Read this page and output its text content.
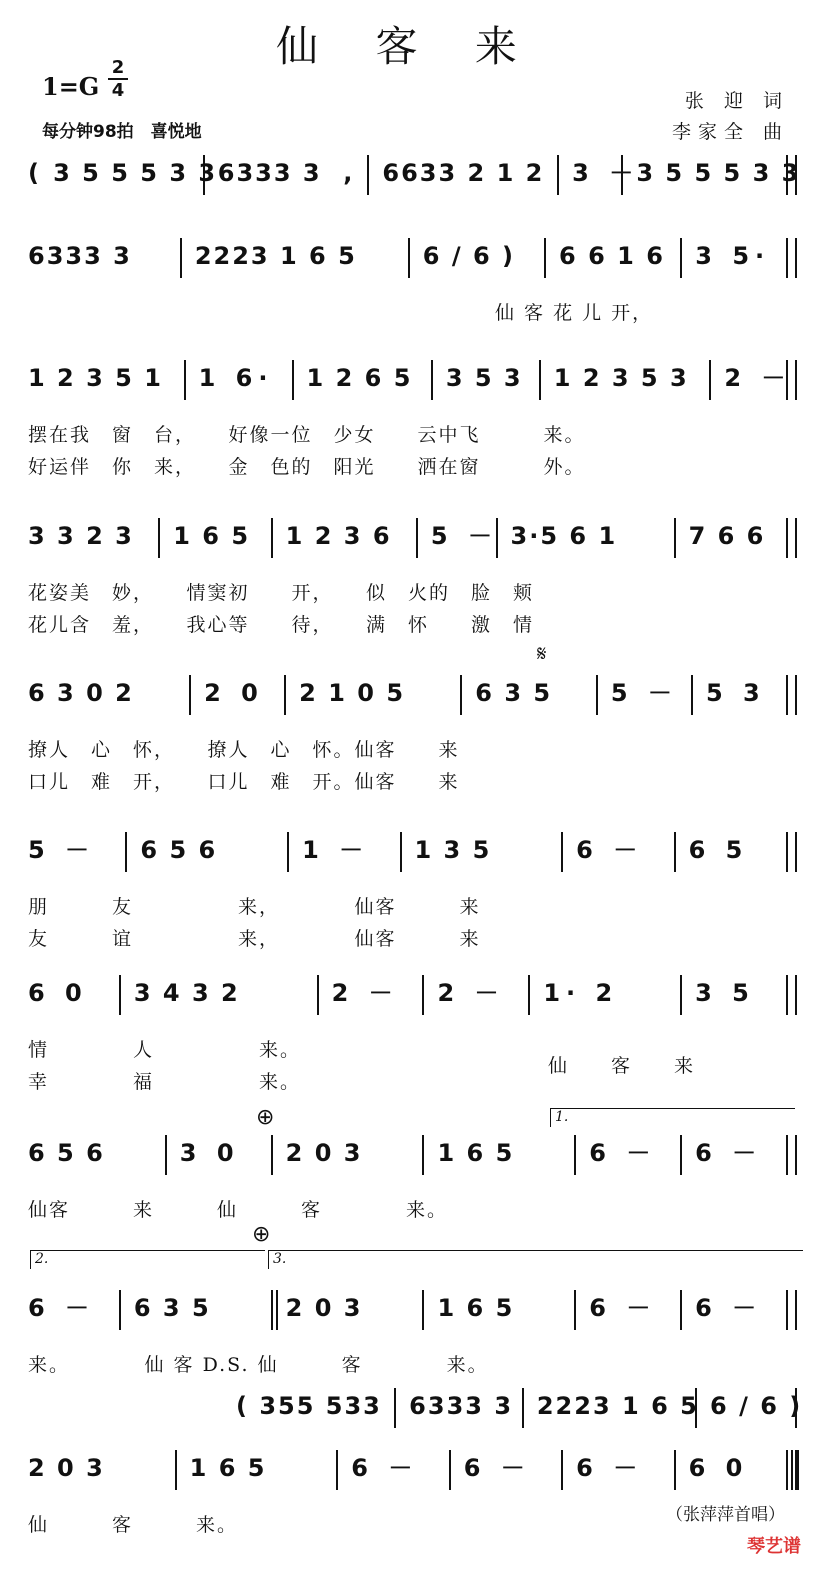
仙 客 来
1=G
2
4
每分钟98拍　喜悦地
张 迎 词
李家全 曲
( 3 5 5 5 3 3 6333 3 , 6633 2 1 2 3 －
3 5 5 5 3 3
6333 3	2223 1 6 5	6 / 6 )	6 6 1 6	3 5·
仙 客 花 儿 开，
1 2 3 5 1	1 6·	1 2 6 5	3 5 3	1 2 3 5 3	2 －
摆在我　窗　台，　　好像一位　少女　　云中飞　　　来。
好运伴　你　来，　　金　色的　阳光　　洒在窗　　　外。
3 3 2 3	1 6 5	1 2 3 6	5 － 3·5 6 1	7 6 6
花姿美　妙，　　情窦初　　开，　　似　火的　脸　颊
花儿含　羞，　　我心等　　待，　　满　怀　　激　情
6 3 0 2	2 0	2 1 0 5	6 3 5	5 － 5 3
撩人　心　怀，　　撩人　心　怀。仙客　　来
口儿　难　开，　　口儿　难　开。仙客　　来
5 －	6 5 6	1 －	1 3 5	6 －	6 5
朋　　　友　　　　　来，　　　　仙客　　　来
友　　　谊　　　　　来，　　　　仙客　　　来
6 0	3 4 3 2	2 －	2 －	1· 2	3 5
情　　　　人　　　　　来。
幸　　　　福　　　　　来。
仙　　客　　来
6 5 6	3 0	2 0 3	1 6 5	6 －	6 －
仙客　　　来　　　仙　　　客　　　　来。
6 －	6 3 5	2 0 3	1 6 5	6 －	6 －
来。　　　　仙 客 D.S. 仙　　　客　　　　来。
( 355 533 6333 3 2223 1 6 5 6 / 6 )
2 0 3	1 6 5	6 －	6 －	6 －	6 0
仙　　　客　　　来。	（张萍萍首唱）
琴艺谱
𝄋
⊕
⊕
1.
2.	3.
